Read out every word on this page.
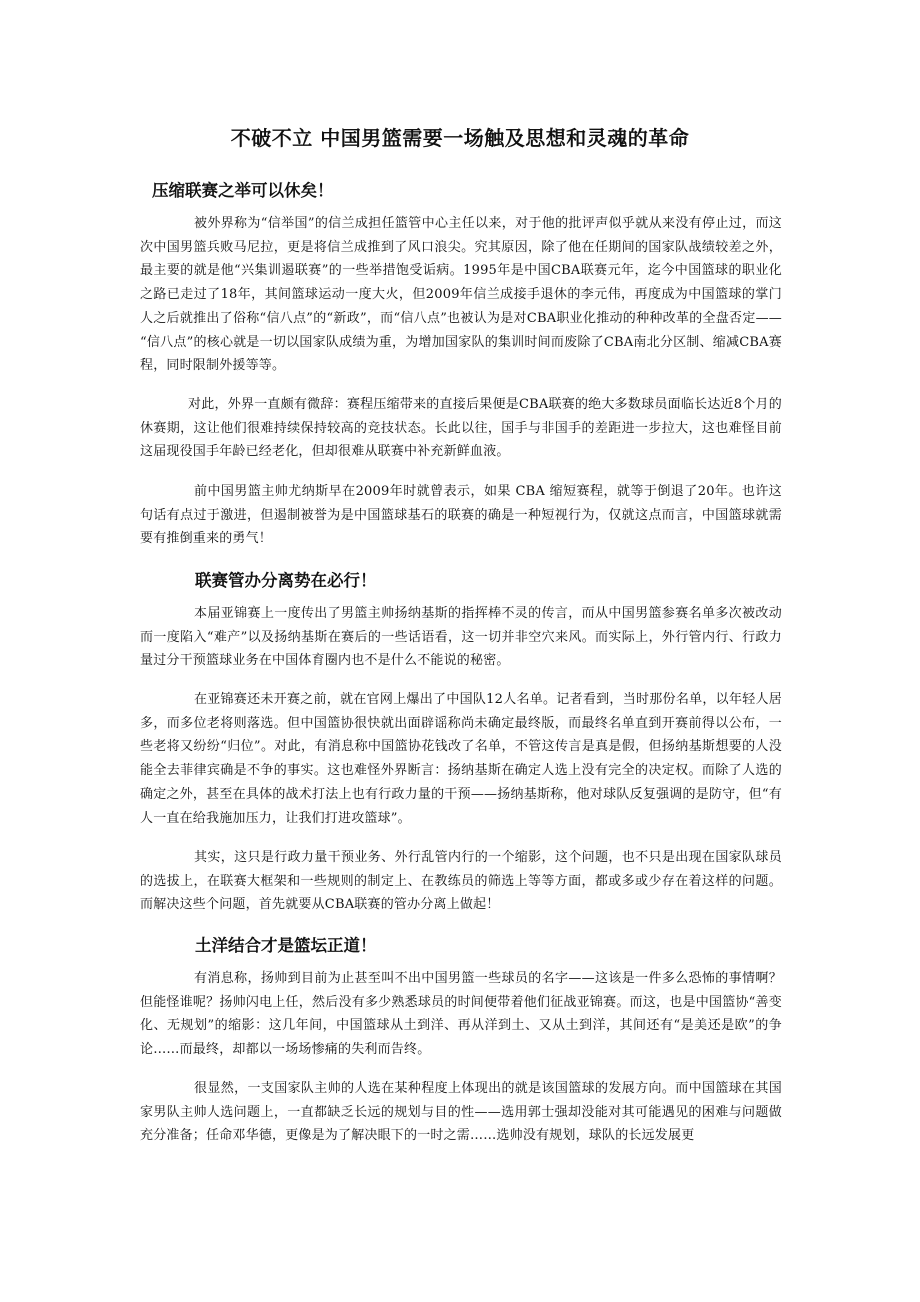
不破不立 中国男篮需要一场触及思想和灵魂的革命
压缩联赛之举可以休矣！

被外界称为“信举国”的信兰成担任篮管中心主任以来，对于他的批评声似乎就从来没有停止过，而这次中国男篮兵败马尼拉，更是将信兰成推到了风口浪尖。究其原因，除了他在任期间的国家队战绩较差之外，最主要的就是他“兴集训遏联赛”的一些举措饱受诟病。1995年是中国CBA联赛元年，迄今中国篮球的职业化之路已走过了18年，其间篮球运动一度大火，但2009年信兰成接手退休的李元伟，再度成为中国篮球的掌门人之后就推出了俗称“信八点”的“新政”，而“信八点”也被认为是对CBA职业化推动的种种改革的全盘否定—— “信八点”的核心就是一切以国家队成绩为重，为增加国家队的集训时间而废除了CBA南北分区制、缩减CBA赛程，同时限制外援等等。

对此，外界一直颇有微辞：赛程压缩带来的直接后果便是CBA联赛的绝大多数球员面临长达近8个月的休赛期，这让他们很难持续保持较高的竞技状态。长此以往，国手与非国手的差距进一步拉大，这也难怪目前这届现役国手年龄已经老化，但却很难从联赛中补充新鲜血液。

前中国男篮主帅尤纳斯早在2009年时就曾表示，如果 CBA 缩短赛程，就等于倒退了20年。也许这句话有点过于激进，但遏制被誉为是中国篮球基石的联赛的确是一种短视行为，仅就这点而言，中国篮球就需要有推倒重来的勇气！

联赛管办分离势在必行！

本届亚锦赛上一度传出了男篮主帅扬纳基斯的指挥棒不灵的传言，而从中国男篮参赛名单多次被改动而一度陷入“难产”以及扬纳基斯在赛后的一些话语看，这一切并非空穴来风。而实际上，外行管内行、行政力量过分干预篮球业务在中国体育圈内也不是什么不能说的秘密。

在亚锦赛还未开赛之前，就在官网上爆出了中国队12人名单。记者看到，当时那份名单，以年轻人居多，而多位老将则落选。但中国篮协很快就出面辟谣称尚未确定最终版，而最终名单直到开赛前得以公布，一些老将又纷纷“归位”。对此，有消息称中国篮协花钱改了名单，不管这传言是真是假，但扬纳基斯想要的人没能全去菲律宾确是不争的事实。这也难怪外界断言：扬纳基斯在确定人选上没有完全的决定权。而除了人选的确定之外，甚至在具体的战术打法上也有行政力量的干预——扬纳基斯称，他对球队反复强调的是防守，但“有人一直在给我施加压力，让我们打进攻篮球”。

其实，这只是行政力量干预业务、外行乱管内行的一个缩影，这个问题，也不只是出现在国家队球员的选拔上，在联赛大框架和一些规则的制定上、在教练员的筛选上等等方面，都或多或少存在着这样的问题。而解决这些个问题，首先就要从CBA联赛的管办分离上做起！

土洋结合才是篮坛正道！

有消息称，扬帅到目前为止甚至叫不出中国男篮一些球员的名字——这该是一件多么恐怖的事情啊？但能怪谁呢？扬帅闪电上任，然后没有多少熟悉球员的时间便带着他们征战亚锦赛。而这，也是中国篮协“善变化、无规划”的缩影：这几年间，中国篮球从土到洋、再从洋到土、又从土到洋，其间还有“是美还是欧”的争论……而最终，却都以一场场惨痛的失利而告终。

很显然，一支国家队主帅的人选在某种程度上体现出的就是该国篮球的发展方向。而中国篮球在其国家男队主帅人选问题上，一直都缺乏长远的规划与目的性——选用郭士强却没能对其可能遇见的困难与问题做充分准备；任命邓华德，更像是为了解决眼下的一时之需……选帅没有规划，球队的长远发展更
